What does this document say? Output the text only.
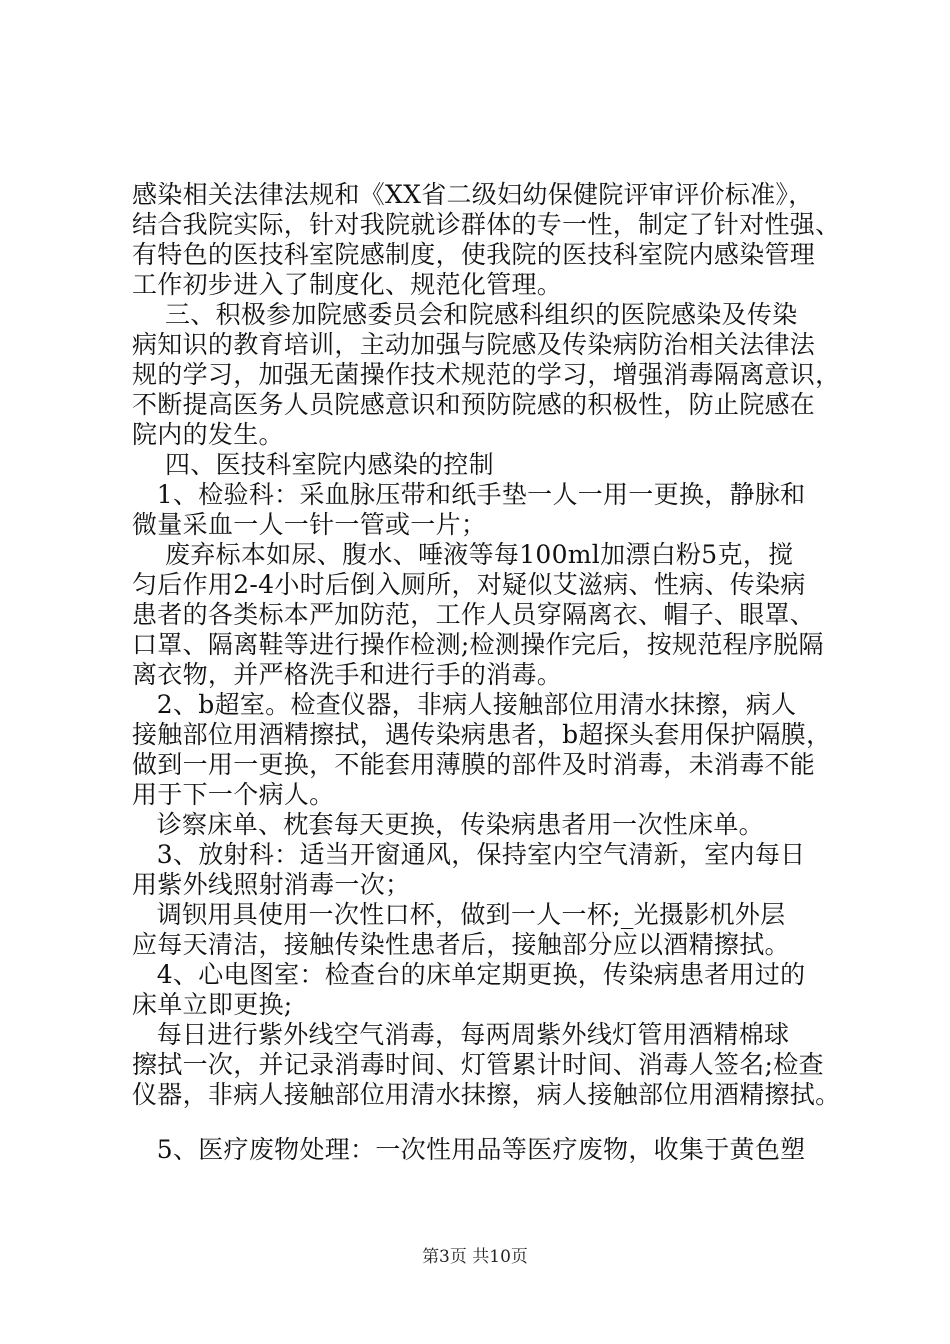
感染相关法律法规和《XX省二级妇幼保健院评审评价标准》，
结合我院实际，针对我院就诊群体的专一性，制定了针对性强、
有特色的医技科室院感制度，使我院的医技科室院内感染管理
工作初步进入了制度化、规范化管理。
三、积极参加院感委员会和院感科组织的医院感染及传染
病知识的教育培训，主动加强与院感及传染病防治相关法律法
规的学习，加强无菌操作技术规范的学习，增强消毒隔离意识，
不断提高医务人员院感意识和预防院感的积极性，防止院感在
院内的发生。
四、医技科室院内感染的控制
1、检验科：采血脉压带和纸手垫一人一用一更换，静脉和
微量采血一人一针一管或一片；
废弃标本如尿、腹水、唾液等每100ml加漂白粉5克，搅
匀后作用2-4小时后倒入厕所，对疑似艾滋病、性病、传染病
患者的各类标本严加防范，工作人员穿隔离衣、帽子、眼罩、
口罩、隔离鞋等进行操作检测;检测操作完后，按规范程序脱隔
离衣物，并严格洗手和进行手的消毒。
2、b超室。检查仪器，非病人接触部位用清水抹擦，病人
接触部位用酒精擦拭，遇传染病患者，b超探头套用保护隔膜，
做到一用一更换，不能套用薄膜的部件及时消毒，未消毒不能
用于下一个病人。
诊察床单、枕套每天更换，传染病患者用一次性床单。
3、放射科：适当开窗通风，保持室内空气清新，室内每日
用紫外线照射消毒一次；
调钡用具使用一次性口杯，做到一人一杯;_光摄影机外层
应每天清洁，接触传染性患者后，接触部分应以酒精擦拭。
4、心电图室：检查台的床单定期更换，传染病患者用过的
床单立即更换;
每日进行紫外线空气消毒，每两周紫外线灯管用酒精棉球
擦拭一次，并记录消毒时间、灯管累计时间、消毒人签名;检查
仪器，非病人接触部位用清水抹擦，病人接触部位用酒精擦拭。
5、医疗废物处理：一次性用品等医疗废物，收集于黄色塑
第3页 共10页
